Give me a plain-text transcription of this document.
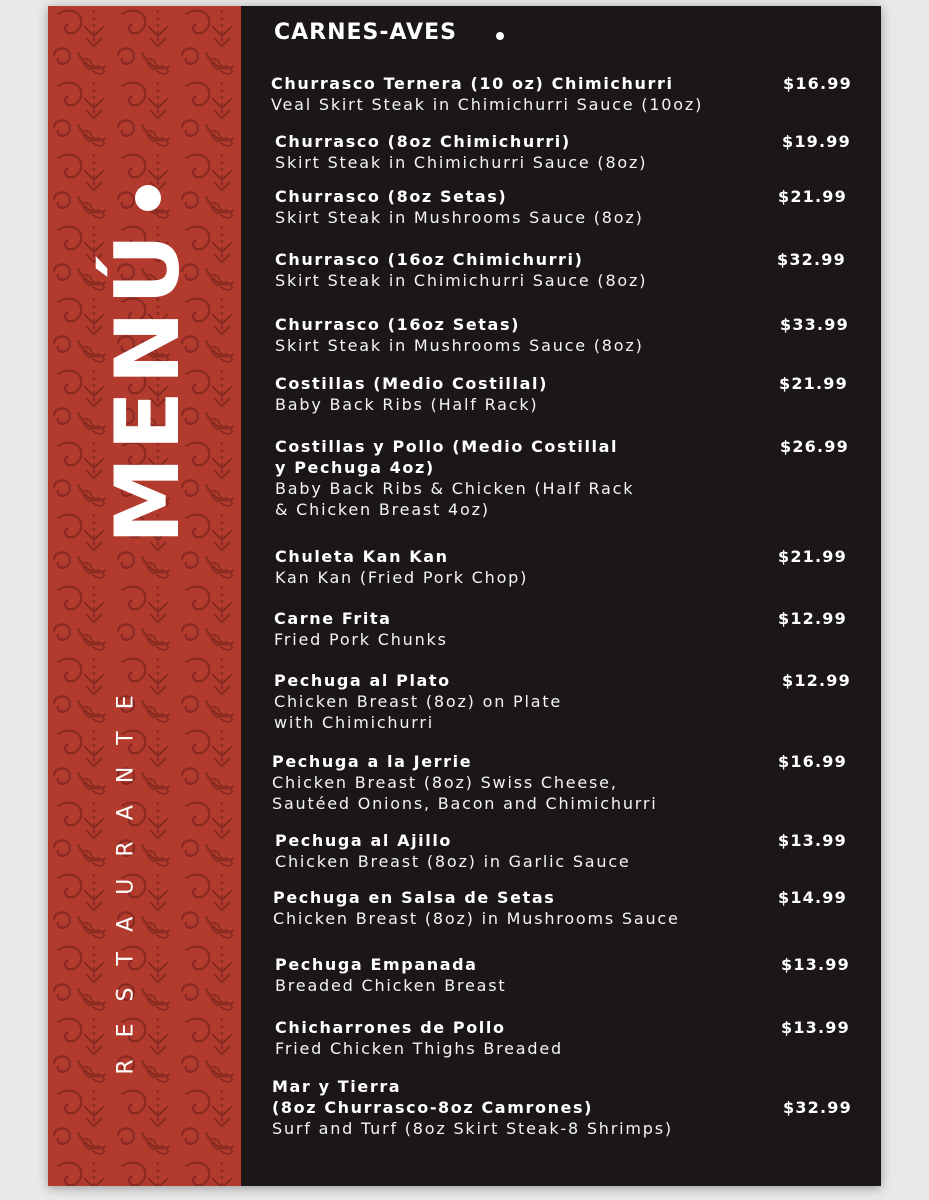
MENÚ
RESTAURANTE
CARNES-AVES
Churrasco Ternera (10 oz) Chimichurri
Veal Skirt Steak in Chimichurri Sauce (10oz)
$16.99
Churrasco (8oz Chimichurri)
Skirt Steak in Chimichurri Sauce (8oz)
$19.99
Churrasco (8oz Setas)
Skirt Steak in Mushrooms Sauce (8oz)
$21.99
Churrasco (16oz Chimichurri)
Skirt Steak in Chimichurri Sauce (8oz)
$32.99
Churrasco (16oz Setas)
Skirt Steak in Mushrooms Sauce (8oz)
$33.99
Costillas (Medio Costillal)
Baby Back Ribs (Half Rack)
$21.99
Costillas y Pollo (Medio Costillal
y Pechuga 4oz)
Baby Back Ribs & Chicken (Half Rack
& Chicken Breast 4oz)
$26.99
Chuleta Kan Kan
Kan Kan (Fried Pork Chop)
$21.99
Carne Frita
Fried Pork Chunks
$12.99
Pechuga al Plato
Chicken Breast (8oz) on Plate
with Chimichurri
$12.99
Pechuga a la Jerrie
Chicken Breast (8oz) Swiss Cheese,
Sautéed Onions, Bacon and Chimichurri
$16.99
Pechuga al Ajillo
Chicken Breast (8oz) in Garlic Sauce
$13.99
Pechuga en Salsa de Setas
Chicken Breast (8oz) in Mushrooms Sauce
$14.99
Pechuga Empanada
Breaded Chicken Breast
$13.99
Chicharrones de Pollo
Fried Chicken Thighs Breaded
$13.99
Mar y Tierra
(8oz Churrasco-8oz Camrones)
Surf and Turf (8oz Skirt Steak-8 Shrimps)
$32.99
